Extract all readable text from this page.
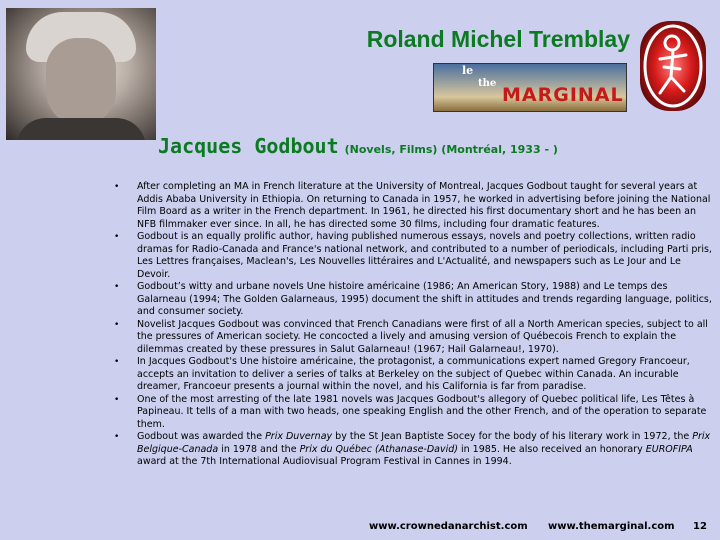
Roland Michel Tremblay
le
the
MARGINAL
Jacques Godbout (Novels, Films) (Montréal, 1933 - )
• After completing an MA in French literature at the University of Montreal, Jacques Godbout taught for several years at Addis Ababa University in Ethiopia. On returning to Canada in 1957, he worked in advertising before joining the National Film Board as a writer in the French department. In 1961, he directed his first documentary short and he has been an NFB filmmaker ever since. In all, he has directed some 30 films, including four dramatic features.
• Godbout is an equally prolific author, having published numerous essays, novels and poetry collections, written radio dramas for Radio-Canada and France's national network, and contributed to a number of periodicals, including Parti pris, Les Lettres françaises, Maclean's, Les Nouvelles littéraires and L'Actualité, and newspapers such as Le Jour and Le Devoir.
• Godbout’s witty and urbane novels Une histoire américaine (1986; An American Story, 1988) and Le temps des Galarneau (1994; The Golden Galarneaus, 1995) document the shift in attitudes and trends regarding language, politics, and consumer society.
• Novelist Jacques Godbout was convinced that French Canadians were first of all a North American species, subject to all the pressures of American society. He concocted a lively and amusing version of Québecois French to explain the dilemmas created by these pressures in Salut Galarneau! (1967; Hail Galarneau!, 1970).
• In Jacques Godbout's Une histoire américaine, the protagonist, a communications expert named Gregory Francoeur, accepts an invitation to deliver a series of talks at Berkeley on the subject of Quebec within Canada. An incurable dreamer, Francoeur presents a journal within the novel, and his California is far from paradise.
• One of the most arresting of the late 1981 novels was Jacques Godbout's allegory of Quebec political life, Les Têtes à Papineau. It tells of a man with two heads, one speaking English and the other French, and of the operation to separate them.
• Godbout was awarded the Prix Duvernay by the St Jean Baptiste Socey for the body of his literary work in 1972, the Prix Belgique-Canada in 1978 and the Prix du Québec (Athanase-David) in 1985. He also received an honorary EUROFIPA award at the 7th International Audiovisual Program Festival in Cannes in 1994.
www.crownedanarchist.com www.themarginal.com 12
